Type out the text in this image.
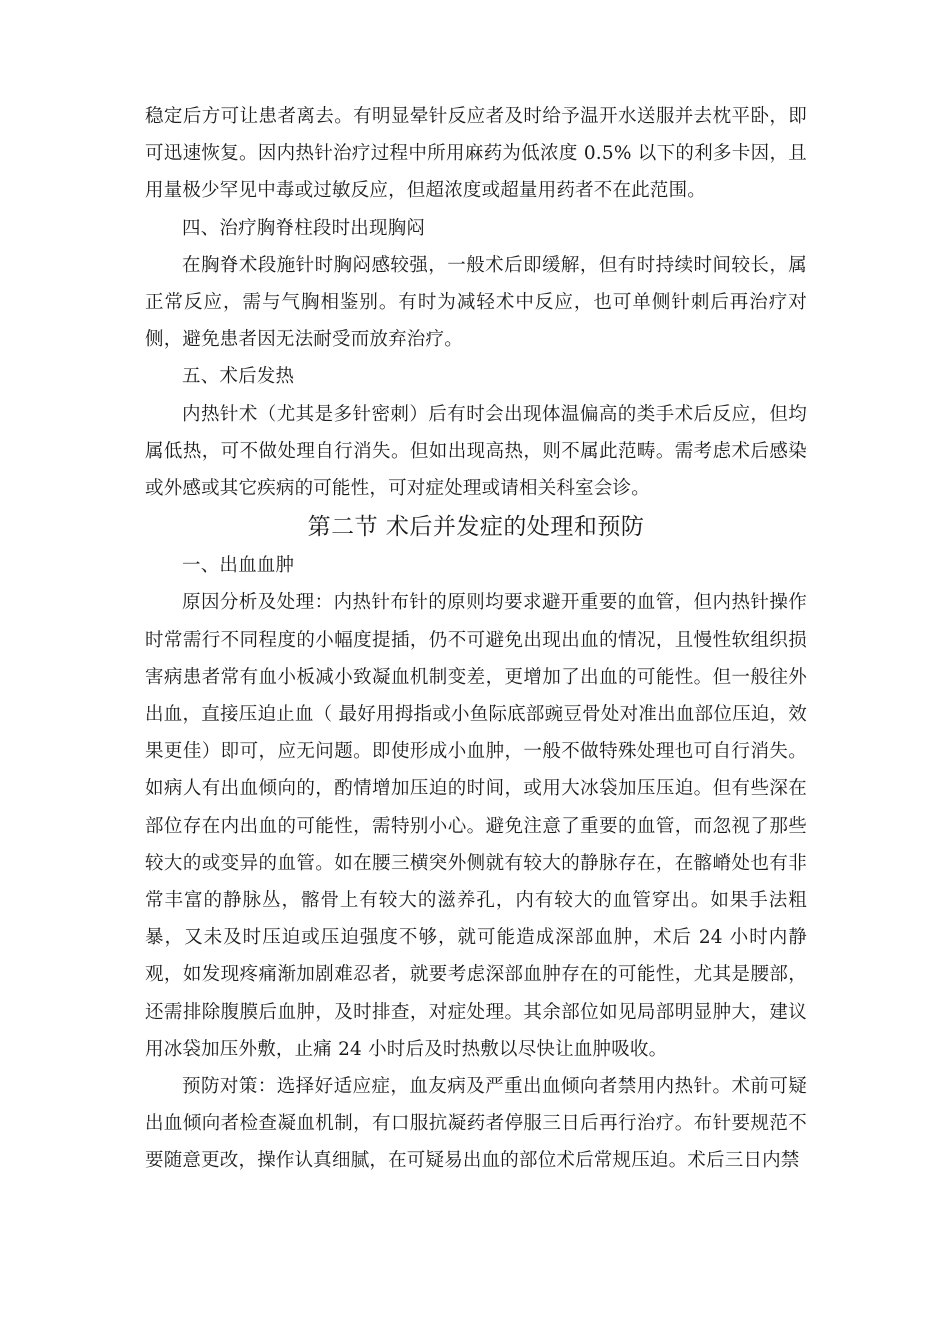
稳定后方可让患者离去。有明显晕针反应者及时给予温开水送服并去枕平卧，即可迅速恢复。因内热针治疗过程中所用麻药为低浓度 0.5% 以下的利多卡因，且用量极少罕见中毒或过敏反应，但超浓度或超量用药者不在此范围。

四、治疗胸脊柱段时出现胸闷

在胸脊术段施针时胸闷感较强，一般术后即缓解，但有时持续时间较长，属正常反应，需与气胸相鉴别。有时为减轻术中反应，也可单侧针刺后再治疗对侧，避免患者因无法耐受而放弃治疗。

五、术后发热

内热针术（尤其是多针密刺）后有时会出现体温偏高的类手术后反应，但均属低热，可不做处理自行消失。但如出现高热，则不属此范畴。需考虑术后感染或外感或其它疾病的可能性，可对症处理或请相关科室会诊。

第二节 术后并发症的处理和预防

一、出血血肿

原因分析及处理：内热针布针的原则均要求避开重要的血管，但内热针操作时常需行不同程度的小幅度提插，仍不可避免出现出血的情况，且慢性软组织损害病患者常有血小板减小致凝血机制变差，更增加了出血的可能性。但一般往外出血，直接压迫止血（ 最好用拇指或小鱼际底部豌豆骨处对准出血部位压迫，效果更佳）即可，应无问题。即使形成小血肿，一般不做特殊处理也可自行消失。如病人有出血倾向的，酌情增加压迫的时间，或用大冰袋加压压迫。但有些深在部位存在内出血的可能性，需特别小心。避免注意了重要的血管，而忽视了那些较大的或变异的血管。如在腰三横突外侧就有较大的静脉存在，在髂嵴处也有非常丰富的静脉丛，髂骨上有较大的滋养孔，内有较大的血管穿出。如果手法粗暴，又未及时压迫或压迫强度不够，就可能造成深部血肿，术后 24 小时内静观，如发现疼痛渐加剧难忍者，就要考虑深部血肿存在的可能性，尤其是腰部，还需排除腹膜后血肿，及时排查，对症处理。其余部位如见局部明显肿大，建议用冰袋加压外敷，止痛 24 小时后及时热敷以尽快让血肿吸收。

预防对策：选择好适应症，血友病及严重出血倾向者禁用内热针。术前可疑出血倾向者检查凝血机制，有口服抗凝药者停服三日后再行治疗。布针要规范不要随意更改，操作认真细腻，在可疑易出血的部位术后常规压迫。术后三日内禁
